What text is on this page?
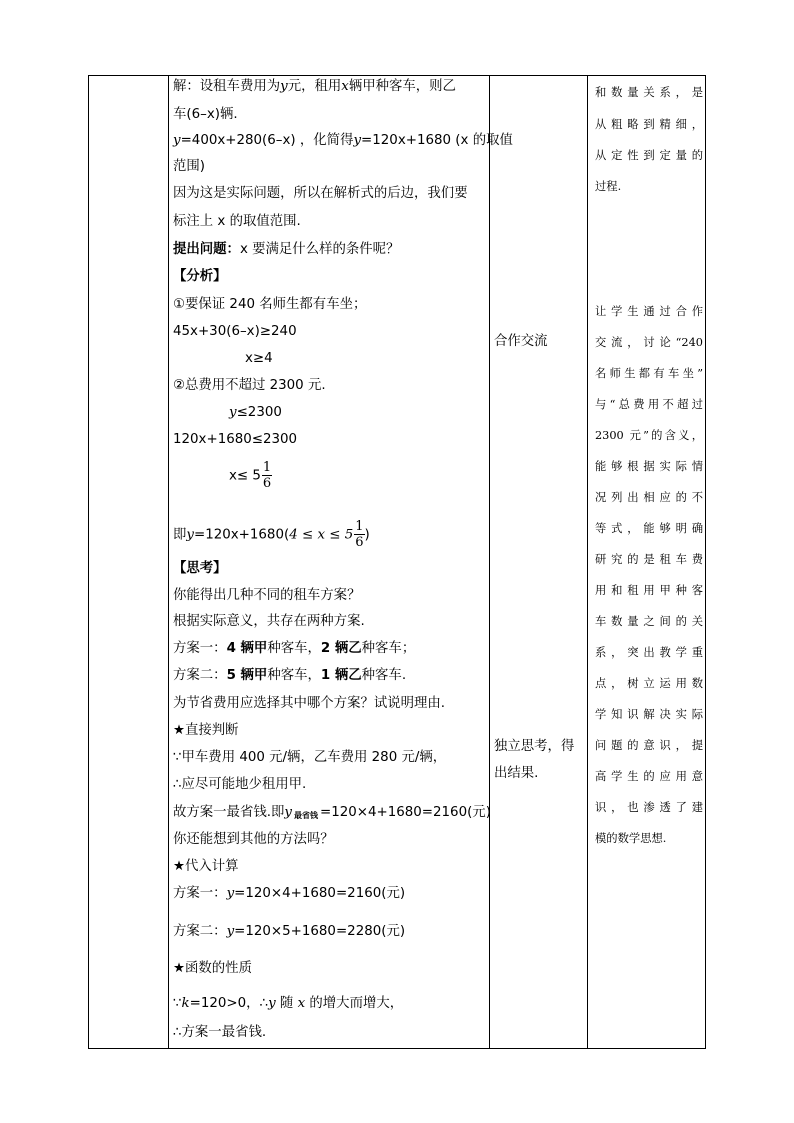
解：设租车费用为y元，租用x辆甲种客车，则乙
车(6–x)辆.
y=400x+280(6–x) ，化简得y=120x+1680 (x 的取值
范围)
因为这是实际问题，所以在解析式的后边，我们要
标注上 x 的取值范围.
提出问题：x 要满足什么样的条件呢？
【分析】
①要保证 240 名师生都有车坐；
45x+30(6–x)≥240
x≥4
②总费用不超过 2300 元.
y≤2300
120x+1680≤2300
$x\le 5 \frac{1}{6}$
即$y=120x+1680(4 \le x \le 5 \frac{1}{6}$ )
【思考】
你能得出几种不同的租车方案？
根据实际意义，共存在两种方案.
方案一：4 辆甲种客车，2 辆乙种客车；
方案二：5 辆甲种客车，1 辆乙种客车.
为节省费用应选择其中哪个方案？试说明理由.
★直接判断
∵甲车费用 400 元/辆，乙车费用 280 元/辆，
∴应尽可能地少租用甲.
故方案一最省钱.即y $_{最省钱}$ =120×4+1680=2160(元)
你还能想到其他的方法吗？
★代入计算
方案一：y=120×4+1680=2160(元)
方案二：y=120×5+1680=2280(元)
★函数的性质
∵k=120>0，∴y 随 x 的增大而增大，
∴方案一最省钱.
合作交流
独立思考，得
出结果.
和数量关系，是
从粗略到精细，
从定性到定量的
过程.
让学生通过合作
交流，讨论“240
名师生都有车坐”
与“总费用不超过
2300 元”的含义，
能够根据实际情
况列出相应的不
等式，能够明确
研究的是租车费
用和租用甲种客
车数量之间的关
系，突出教学重
点，树立运用数
学知识解决实际
问题的意识，提
高学生的应用意
识，也渗透了建
模的数学思想.
